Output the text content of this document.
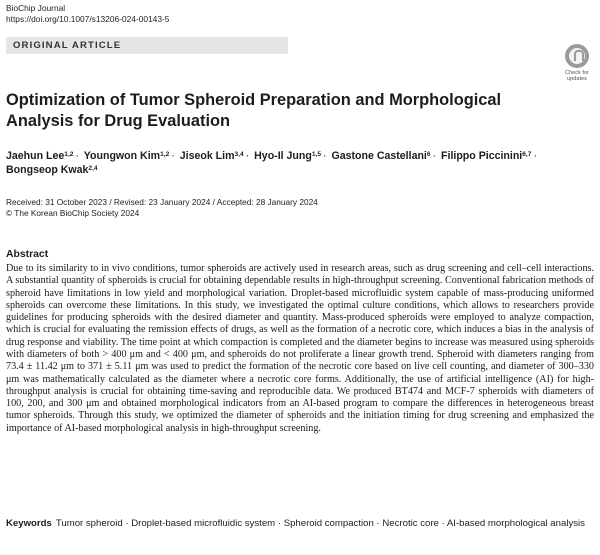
BioChip Journal
https://doi.org/10.1007/s13206-024-00143-5
ORIGINAL ARTICLE
Check for
updates
Optimization of Tumor Spheroid Preparation and Morphological Analysis for Drug Evaluation
Jaehun Lee$^{1,2}$ · Youngwon Kim$^{1,2}$ · Jiseok Lim$^{3,4}$ · Hyo-Il Jung$^{1,5}$ · Gastone Castellani$^6$ · Filippo Piccinini$^{6,7}$ ·
Bongseop Kwak$^{2,4}$
Received: 31 October 2023 / Revised: 23 January 2024 / Accepted: 28 January 2024
© The Korean BioChip Society 2024
Abstract
Due to its similarity to in vivo conditions, tumor spheroids are actively used in research areas, such as drug screening and cell–cell interactions. A substantial quantity of spheroids is crucial for obtaining dependable results in high-throughput screening. Conventional fabrication methods of spheroid have limitations in low yield and morphological variation. Droplet-based microfluidic system capable of mass-producing uniformed spheroids can overcome these limitations. In this study, we investigated the optimal culture conditions, which allows to researchers provide guidelines for producing spheroids with the desired diameter and quantity. Mass-produced spheroids were employed to analyze compaction, which is crucial for evaluating the remission effects of drugs, as well as the formation of a necrotic core, which induces a bias in the analysis of drug response and viability. The time point at which compaction is completed and the diameter begins to increase was measured using spheroids with diameters of both > 400 μm and < 400 μm, and spheroids do not proliferate a linear growth trend. Spheroid with diameters ranging from 73.4 ± 11.42 μm to 371 ± 5.11 μm was used to predict the formation of the necrotic core based on live cell counting, and diameter of 300–330 μm was mathematically calculated as the diameter where a necrotic core forms. Additionally, the use of artificial intelligence (AI) for high-throughput analysis is crucial for obtaining time-saving and reproducible data. We produced BT474 and MCF-7 spheroids with diameters of 100, 200, and 300 μm and obtained morphological indicators from an AI-based program to compare the differences in heterogeneous breast tumor spheroids. Through this study, we optimized the diameter of spheroids and the initiation timing for drug screening and emphasized the importance of AI-based morphological analysis in high-throughput screening.
Keywords Tumor spheroid · Droplet-based microfluidic system · Spheroid compaction · Necrotic core · AI-based morphological analysis
